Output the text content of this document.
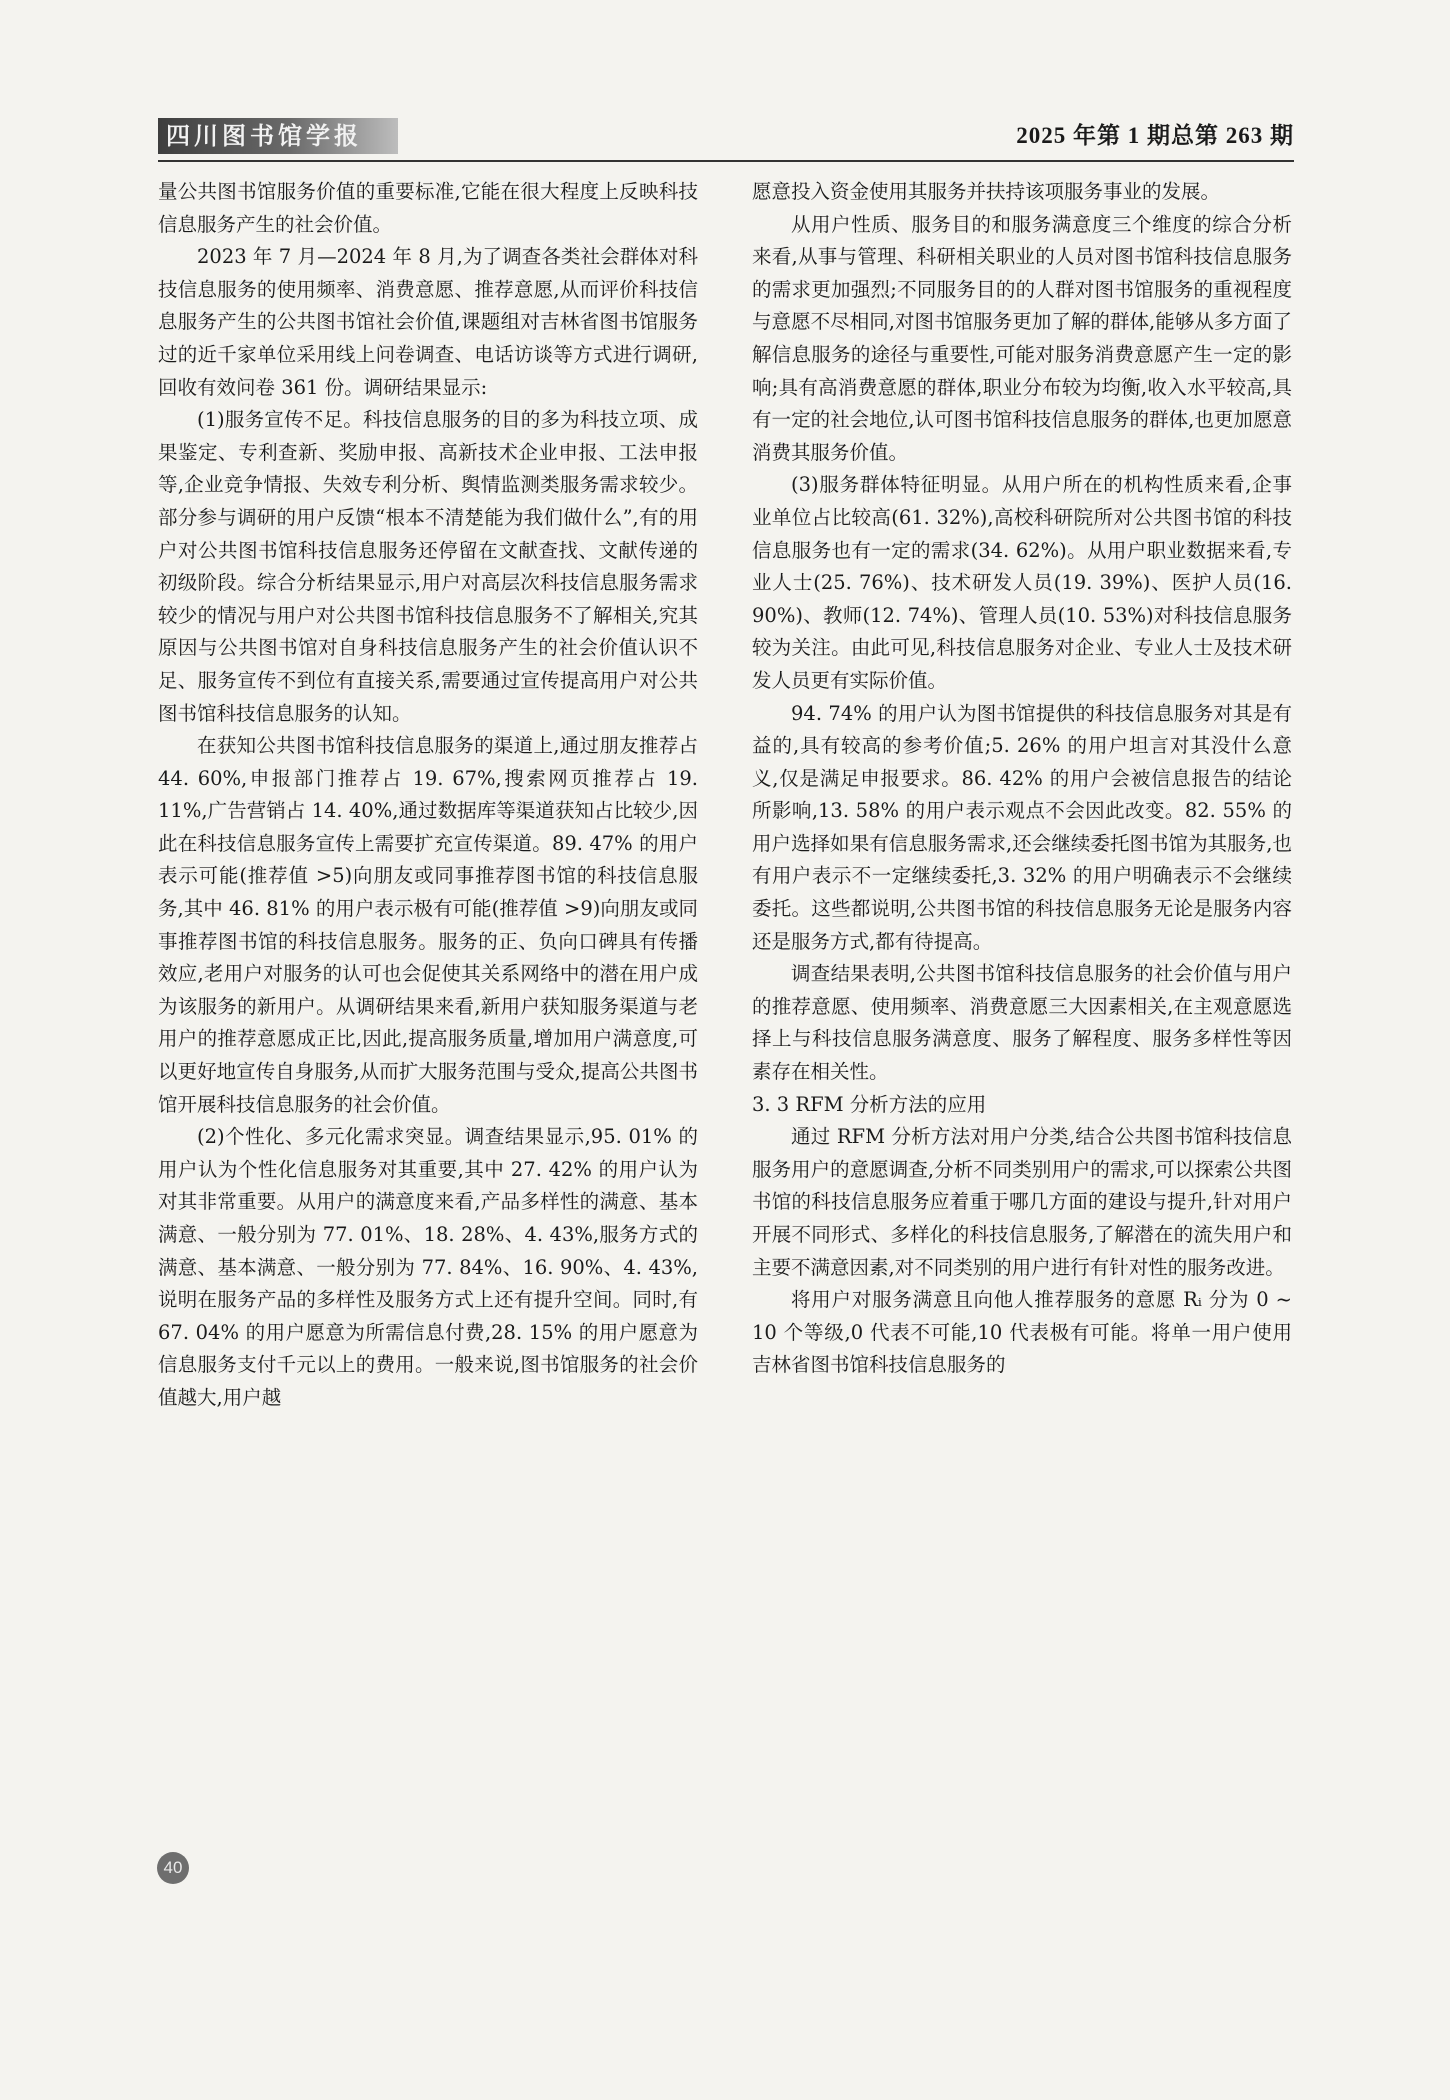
四川图书馆学报	2025 年第 1 期总第 263 期

量公共图书馆服务价值的重要标准,它能在很大程度上反映科技信息服务产生的社会价值。

2023 年 7 月—2024 年 8 月,为了调查各类社会群体对科技信息服务的使用频率、消费意愿、推荐意愿,从而评价科技信息服务产生的公共图书馆社会价值,课题组对吉林省图书馆服务过的近千家单位采用线上问卷调查、电话访谈等方式进行调研,回收有效问卷 361 份。调研结果显示:

(1)服务宣传不足。科技信息服务的目的多为科技立项、成果鉴定、专利查新、奖励申报、高新技术企业申报、工法申报等,企业竞争情报、失效专利分析、舆情监测类服务需求较少。部分参与调研的用户反馈“根本不清楚能为我们做什么”,有的用户对公共图书馆科技信息服务还停留在文献查找、文献传递的初级阶段。综合分析结果显示,用户对高层次科技信息服务需求较少的情况与用户对公共图书馆科技信息服务不了解相关,究其原因与公共图书馆对自身科技信息服务产生的社会价值认识不足、服务宣传不到位有直接关系,需要通过宣传提高用户对公共图书馆科技信息服务的认知。

在获知公共图书馆科技信息服务的渠道上,通过朋友推荐占 44. 60%,申报部门推荐占 19. 67%,搜索网页推荐占 19. 11%,广告营销占 14. 40%,通过数据库等渠道获知占比较少,因此在科技信息服务宣传上需要扩充宣传渠道。89. 47% 的用户表示可能(推荐值 >5)向朋友或同事推荐图书馆的科技信息服务,其中 46. 81% 的用户表示极有可能(推荐值 >9)向朋友或同事推荐图书馆的科技信息服务。服务的正、负向口碑具有传播效应,老用户对服务的认可也会促使其关系网络中的潜在用户成为该服务的新用户。从调研结果来看,新用户获知服务渠道与老用户的推荐意愿成正比,因此,提高服务质量,增加用户满意度,可以更好地宣传自身服务,从而扩大服务范围与受众,提高公共图书馆开展科技信息服务的社会价值。

(2)个性化、多元化需求突显。调查结果显示,95. 01% 的用户认为个性化信息服务对其重要,其中 27. 42% 的用户认为对其非常重要。从用户的满意度来看,产品多样性的满意、基本满意、一般分别为 77. 01%、18. 28%、4. 43%,服务方式的满意、基本满意、一般分别为 77. 84%、16. 90%、4. 43%,说明在服务产品的多样性及服务方式上还有提升空间。同时,有 67. 04% 的用户愿意为所需信息付费,28. 15% 的用户愿意为信息服务支付千元以上的费用。一般来说,图书馆服务的社会价值越大,用户越

愿意投入资金使用其服务并扶持该项服务事业的发展。

从用户性质、服务目的和服务满意度三个维度的综合分析来看,从事与管理、科研相关职业的人员对图书馆科技信息服务的需求更加强烈;不同服务目的的人群对图书馆服务的重视程度与意愿不尽相同,对图书馆服务更加了解的群体,能够从多方面了解信息服务的途径与重要性,可能对服务消费意愿产生一定的影响;具有高消费意愿的群体,职业分布较为均衡,收入水平较高,具有一定的社会地位,认可图书馆科技信息服务的群体,也更加愿意消费其服务价值。

(3)服务群体特征明显。从用户所在的机构性质来看,企事业单位占比较高(61. 32%),高校科研院所对公共图书馆的科技信息服务也有一定的需求(34. 62%)。从用户职业数据来看,专业人士(25. 76%)、技术研发人员(19. 39%)、医护人员(16. 90%)、教师(12. 74%)、管理人员(10. 53%)对科技信息服务较为关注。由此可见,科技信息服务对企业、专业人士及技术研发人员更有实际价值。

94. 74% 的用户认为图书馆提供的科技信息服务对其是有益的,具有较高的参考价值;5. 26% 的用户坦言对其没什么意义,仅是满足申报要求。86. 42% 的用户会被信息报告的结论所影响,13. 58% 的用户表示观点不会因此改变。82. 55% 的用户选择如果有信息服务需求,还会继续委托图书馆为其服务,也有用户表示不一定继续委托,3. 32% 的用户明确表示不会继续委托。这些都说明,公共图书馆的科技信息服务无论是服务内容还是服务方式,都有待提高。

调查结果表明,公共图书馆科技信息服务的社会价值与用户的推荐意愿、使用频率、消费意愿三大因素相关,在主观意愿选择上与科技信息服务满意度、服务了解程度、服务多样性等因素存在相关性。

3. 3 RFM 分析方法的应用

通过 RFM 分析方法对用户分类,结合公共图书馆科技信息服务用户的意愿调查,分析不同类别用户的需求,可以探索公共图书馆的科技信息服务应着重于哪几方面的建设与提升,针对用户开展不同形式、多样化的科技信息服务,了解潜在的流失用户和主要不满意因素,对不同类别的用户进行有针对性的服务改进。

将用户对服务满意且向他人推荐服务的意愿 Rᵢ 分为 0 ~ 10 个等级,0 代表不可能,10 代表极有可能。将单一用户使用吉林省图书馆科技信息服务的

40
